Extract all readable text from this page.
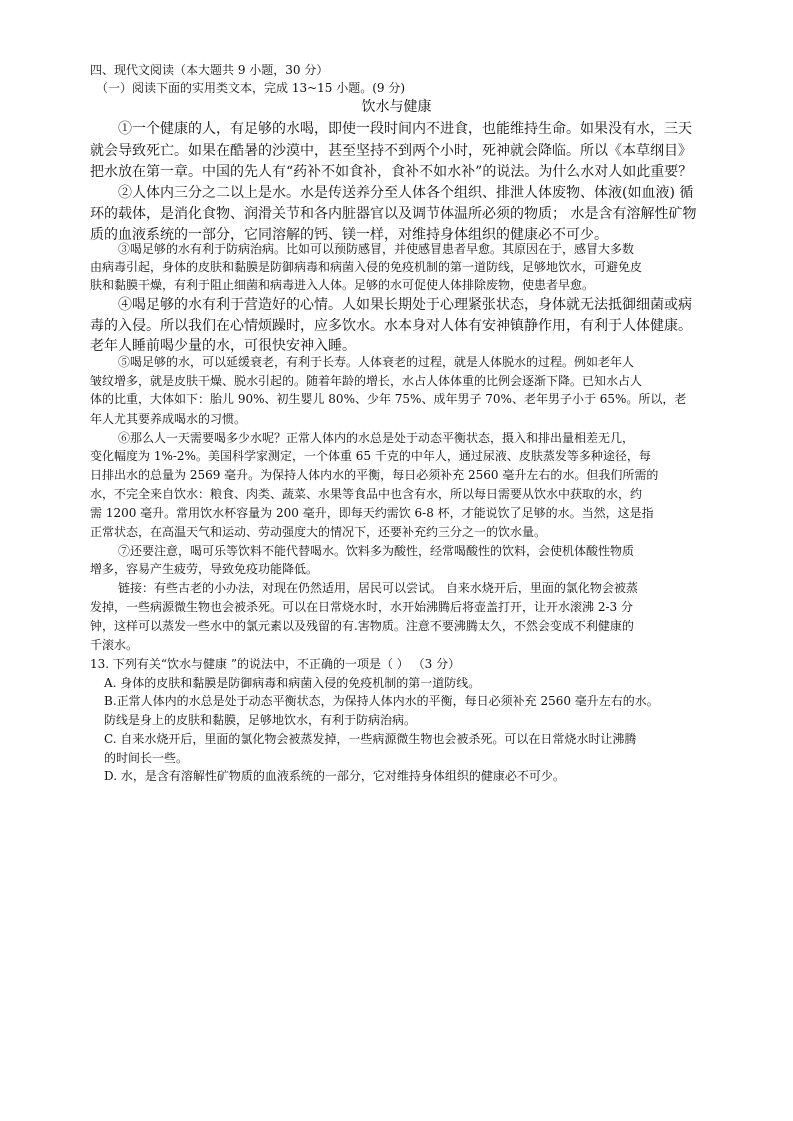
四、现代文阅读（本大题共 9 小题，30 分）
（一）阅读下面的实用类文本，完成 13~15 小题。(9 分)
饮水与健康
①一个健康的人，有足够的水喝，即使一段时间内不进食，也能维持生命。如果没有水，三天
就会导致死亡。如果在酷暑的沙漠中，甚至坚持不到两个小时，死神就会降临。所以《本草纲目》
把水放在第一章。中国的先人有“药补不如食补，食补不如水补”的说法。为什么水对人如此重要？
②人体内三分之二以上是水。水是传送养分至人体各个组织、排泄人体废物、体液(如血液) 循
环的载体，是消化食物、润滑关节和各内脏器官以及调节体温所必须的物质； 水是含有溶解性矿物
质的血液系统的一部分，它同溶解的钙、镁一样，对维持身体组织的健康必不可少。
③喝足够的水有利于防病治病。比如可以预防感冒，并使感冒患者早愈。其原因在于，感冒大多数
由病毒引起，身体的皮肤和黏膜是防御病毒和病菌入侵的免疫机制的第一道防线，足够地饮水，可避免皮
肤和黏膜干燥，有利于阻止细菌和病毒进入人体。足够的水可促使人体排除废物，使患者早愈。
④喝足够的水有利于营造好的心情。人如果长期处于心理紧张状态，身体就无法抵御细菌或病
毒的入侵。所以我们在心情烦躁时，应多饮水。水本身对人体有安神镇静作用，有利于人体健康。
老年人睡前喝少量的水，可很快安神入睡。
⑤喝足够的水，可以延缓衰老，有利于长寿。人体衰老的过程，就是人体脱水的过程。例如老年人
皱纹增多，就是皮肤干燥、脱水引起的。随着年龄的增长，水占人体体重的比例会逐渐下降。已知水占人
体的比重，大体如下：胎儿 90%、初生婴儿 80%、少年 75%、成年男子 70%、老年男子小于 65%。所以，老
年人尤其要养成喝水的习惯。
⑥那么人一天需要喝多少水呢？正常人体内的水总是处于动态平衡状态，摄入和排出量相差无几，
变化幅度为 1%-2%。美国科学家测定，一个体重 65 千克的中年人，通过尿液、皮肤蒸发等多种途径，每
日排出水的总量为 2569 毫升。为保持人体内水的平衡，每日必须补充 2560 毫升左右的水。但我们所需的
水，不完全来自饮水：粮食、肉类、蔬菜、水果等食品中也含有水，所以每日需要从饮水中获取的水，约
需 1200 毫升。常用饮水杯容量为 200 毫升，即每天约需饮 6-8 杯，才能说饮了足够的水。当然，这是指
正常状态，在高温天气和运动、劳动强度大的情况下，还要补充约三分之一的饮水量。
⑦还要注意，喝可乐等饮料不能代替喝水。饮料多为酸性，经常喝酸性的饮料，会使机体酸性物质
增多，容易产生疲劳，导致免疫功能降低。
链接：有些古老的小办法，对现在仍然适用，居民可以尝试。 自来水烧开后，里面的氯化物会被蒸
发掉，一些病源微生物也会被杀死。可以在日常烧水时，水开始沸腾后将壶盖打开，让开水滚沸 2-3 分
钟，这样可以蒸发一些水中的氯元素以及残留的有.害物质。注意不要沸腾太久，不然会变成不利健康的
千滚水。
13. 下列有关“饮水与健康 ”的说法中，不正确的一项是（ ） （3 分）
A. 身体的皮肤和黏膜是防御病毒和病菌入侵的免疫机制的第一道防线。
B.正常人体内的水总是处于动态平衡状态，为保持人体内水的平衡，每日必须补充 2560 毫升左右的水。
防线是身上的皮肤和黏膜，足够地饮水，有利于防病治病。
C. 自来水烧开后，里面的氯化物会被蒸发掉，一些病源微生物也会被杀死。可以在日常烧水时让沸腾
的时间长一些。
D. 水，是含有溶解性矿物质的血液系统的一部分，它对维持身体组织的健康必不可少。
